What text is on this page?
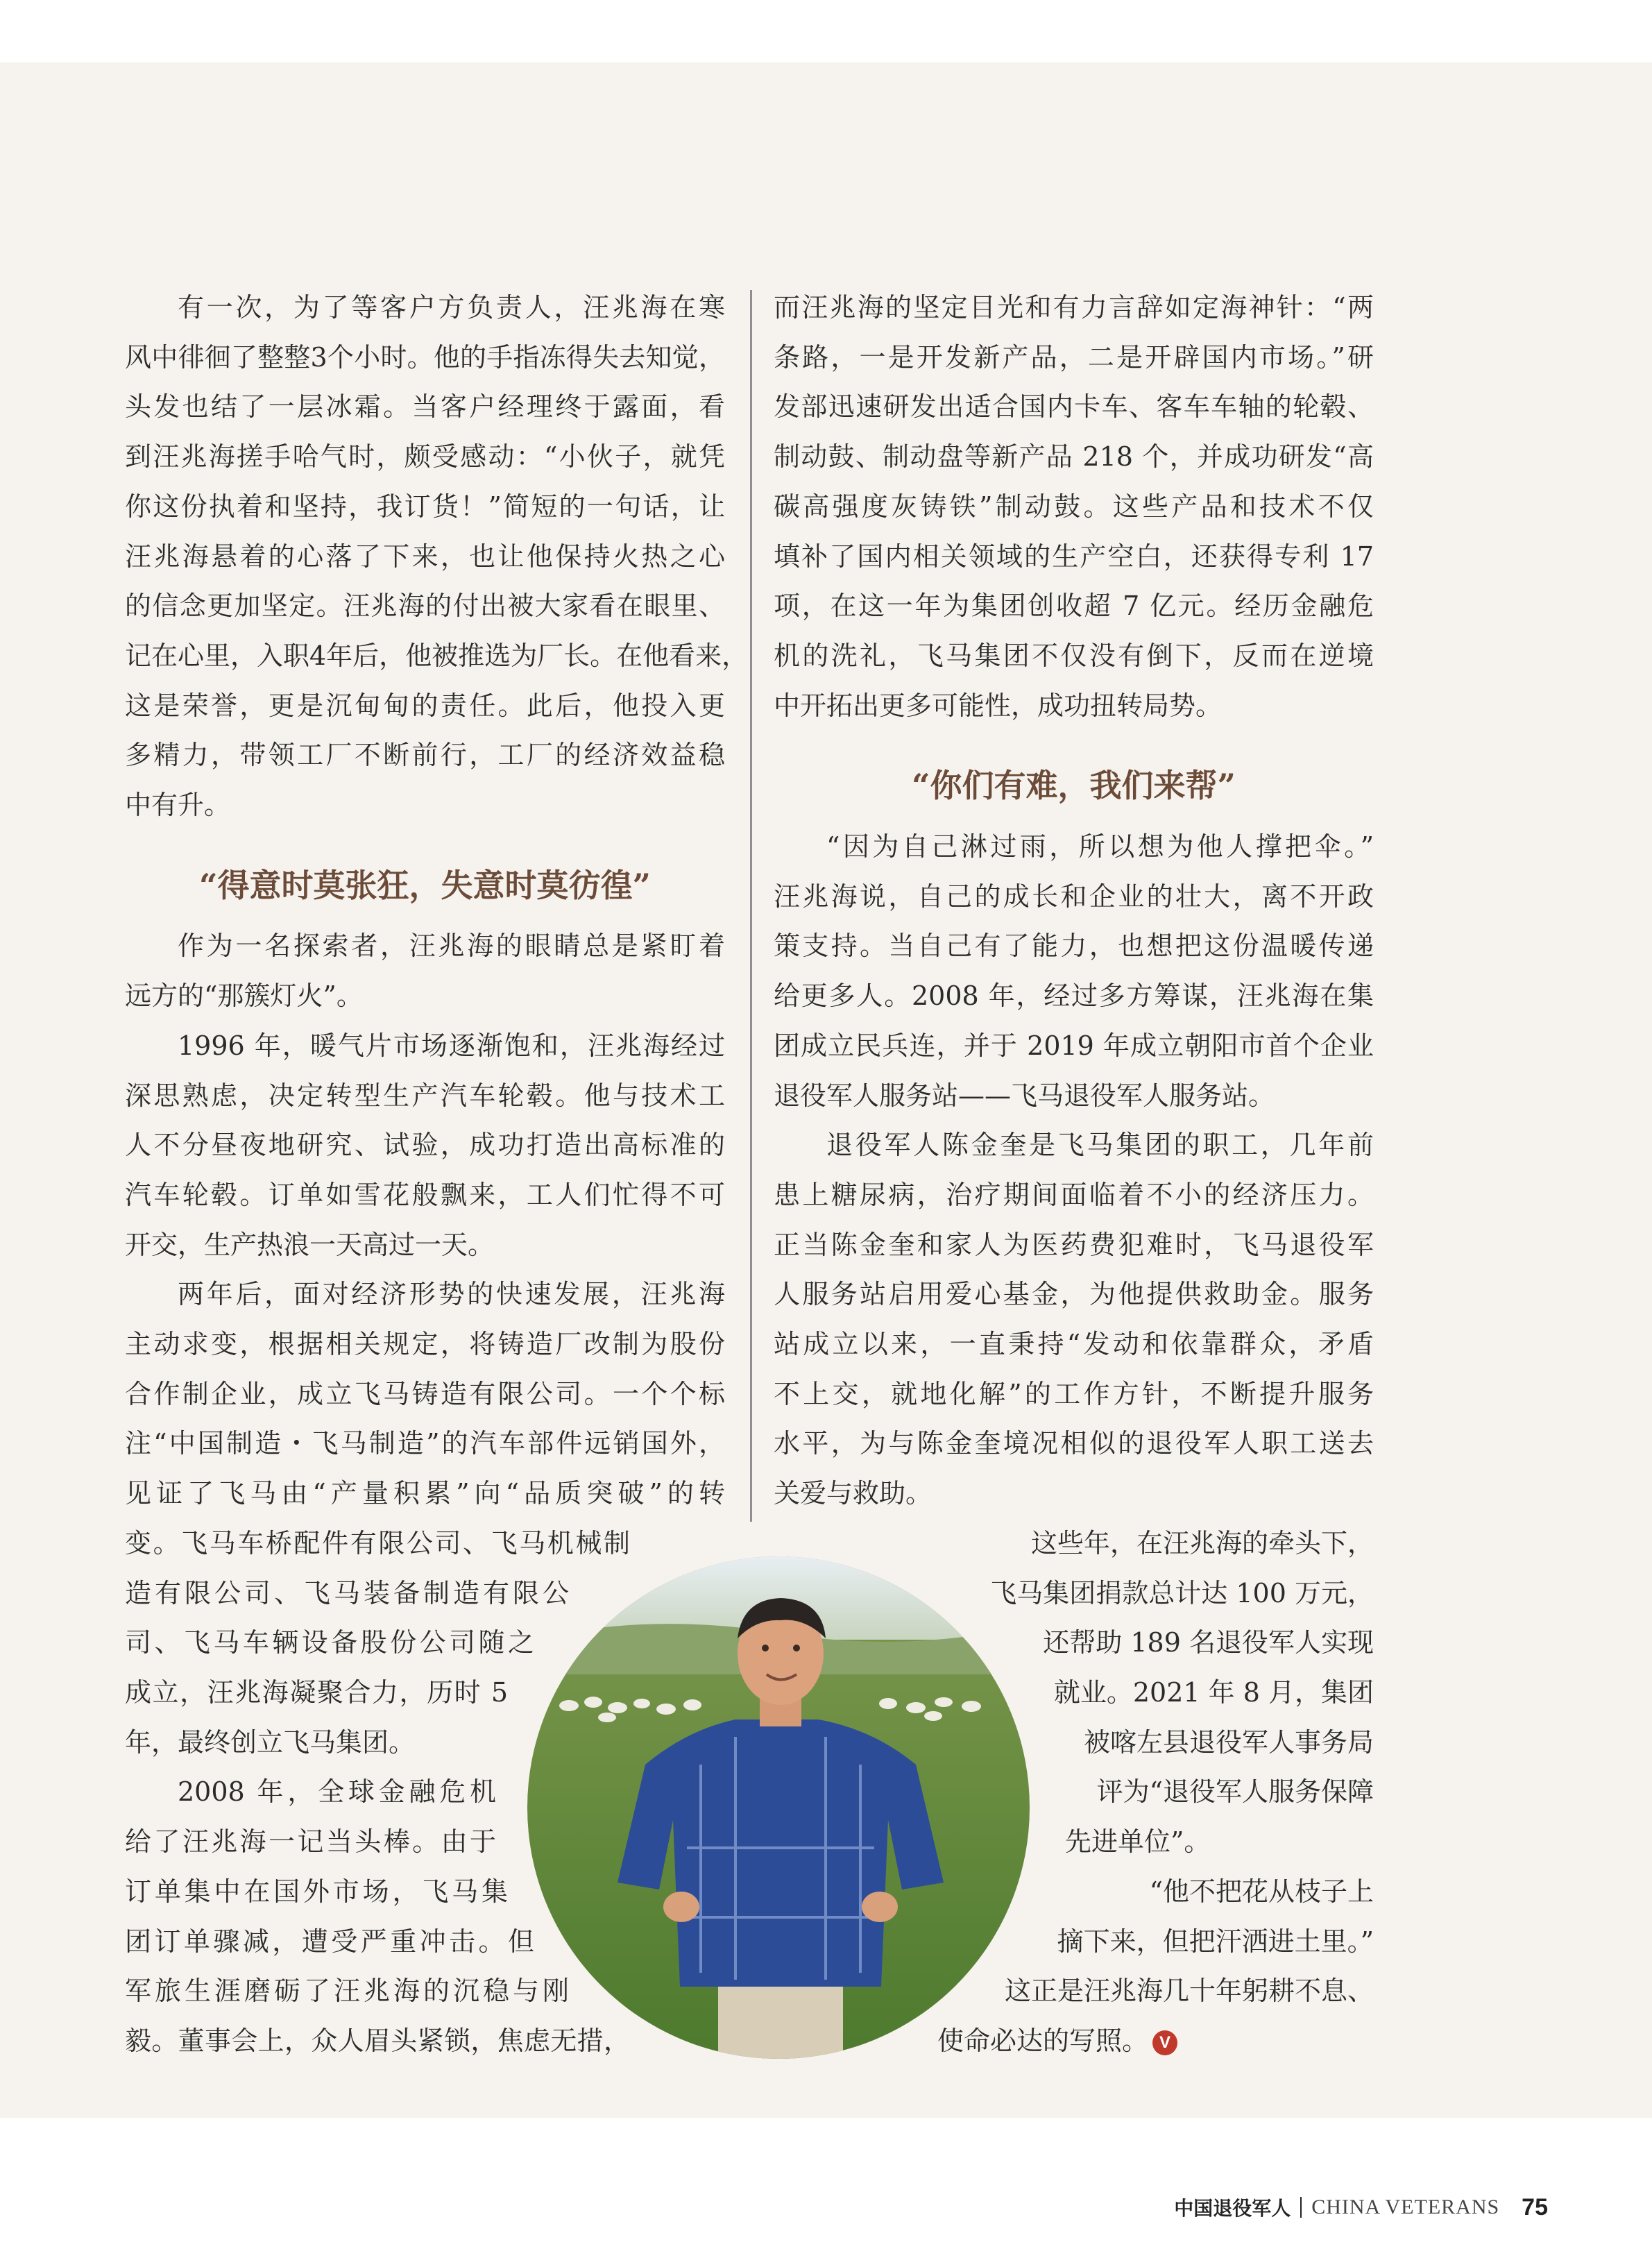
有一次，为了等客户方负责人，汪兆海在寒
风中徘徊了整整3个小时。他的手指冻得失去知觉，
头发也结了一层冰霜。当客户经理终于露面，看
到汪兆海搓手哈气时，颇受感动：“小伙子，就凭
你这份执着和坚持，我订货！”简短的一句话，让
汪兆海悬着的心落了下来，也让他保持火热之心
的信念更加坚定。汪兆海的付出被大家看在眼里、
记在心里，入职4年后，他被推选为厂长。在他看来，
这是荣誉，更是沉甸甸的责任。此后，他投入更
多精力，带领工厂不断前行，工厂的经济效益稳
中有升。
“得意时莫张狂，失意时莫彷徨”
作为一名探索者，汪兆海的眼睛总是紧盯着
远方的“那簇灯火”。
1996 年，暖气片市场逐渐饱和，汪兆海经过
深思熟虑，决定转型生产汽车轮毂。他与技术工
人不分昼夜地研究、试验，成功打造出高标准的
汽车轮毂。订单如雪花般飘来，工人们忙得不可
开交，生产热浪一天高过一天。
两年后，面对经济形势的快速发展，汪兆海
主动求变，根据相关规定，将铸造厂改制为股份
合作制企业，成立飞马铸造有限公司。一个个标
注“中国制造・飞马制造”的汽车部件远销国外，
见证了飞马由“产量积累”向“品质突破”的转
变。飞马车桥配件有限公司、飞马机械制
造有限公司、飞马装备制造有限公
司、飞马车辆设备股份公司随之
成立，汪兆海凝聚合力，历时 5
年，最终创立飞马集团。
2008 年，全球金融危机
给了汪兆海一记当头棒。由于
订单集中在国外市场，飞马集
团订单骤减，遭受严重冲击。但
军旅生涯磨砺了汪兆海的沉稳与刚
毅。董事会上，众人眉头紧锁，焦虑无措，
而汪兆海的坚定目光和有力言辞如定海神针：“两
条路，一是开发新产品，二是开辟国内市场。”研
发部迅速研发出适合国内卡车、客车车轴的轮毂、
制动鼓、制动盘等新产品 218 个，并成功研发“高
碳高强度灰铸铁”制动鼓。这些产品和技术不仅
填补了国内相关领域的生产空白，还获得专利 17
项，在这一年为集团创收超 7 亿元。经历金融危
机的洗礼，飞马集团不仅没有倒下，反而在逆境
中开拓出更多可能性，成功扭转局势。
“你们有难，我们来帮”
“因为自己淋过雨，所以想为他人撑把伞。”
汪兆海说，自己的成长和企业的壮大，离不开政
策支持。当自己有了能力，也想把这份温暖传递
给更多人。2008 年，经过多方筹谋，汪兆海在集
团成立民兵连，并于 2019 年成立朝阳市首个企业
退役军人服务站——飞马退役军人服务站。
退役军人陈金奎是飞马集团的职工，几年前
患上糖尿病，治疗期间面临着不小的经济压力。
正当陈金奎和家人为医药费犯难时，飞马退役军
人服务站启用爱心基金，为他提供救助金。服务
站成立以来，一直秉持“发动和依靠群众，矛盾
不上交，就地化解”的工作方针，不断提升服务
水平，为与陈金奎境况相似的退役军人职工送去
关爱与救助。
这些年，在汪兆海的牵头下，
飞马集团捐款总计达 100 万元，
还帮助 189 名退役军人实现
就业。2021 年 8 月，集团
被喀左县退役军人事务局
评为“退役军人服务保障
先进单位”。
“他不把花从枝子上
摘下来，但把汗洒进土里。”
这正是汪兆海几十年躬耕不息、
使命必达的写照。 V
中国退役军人 CHINA VETERANS 75
